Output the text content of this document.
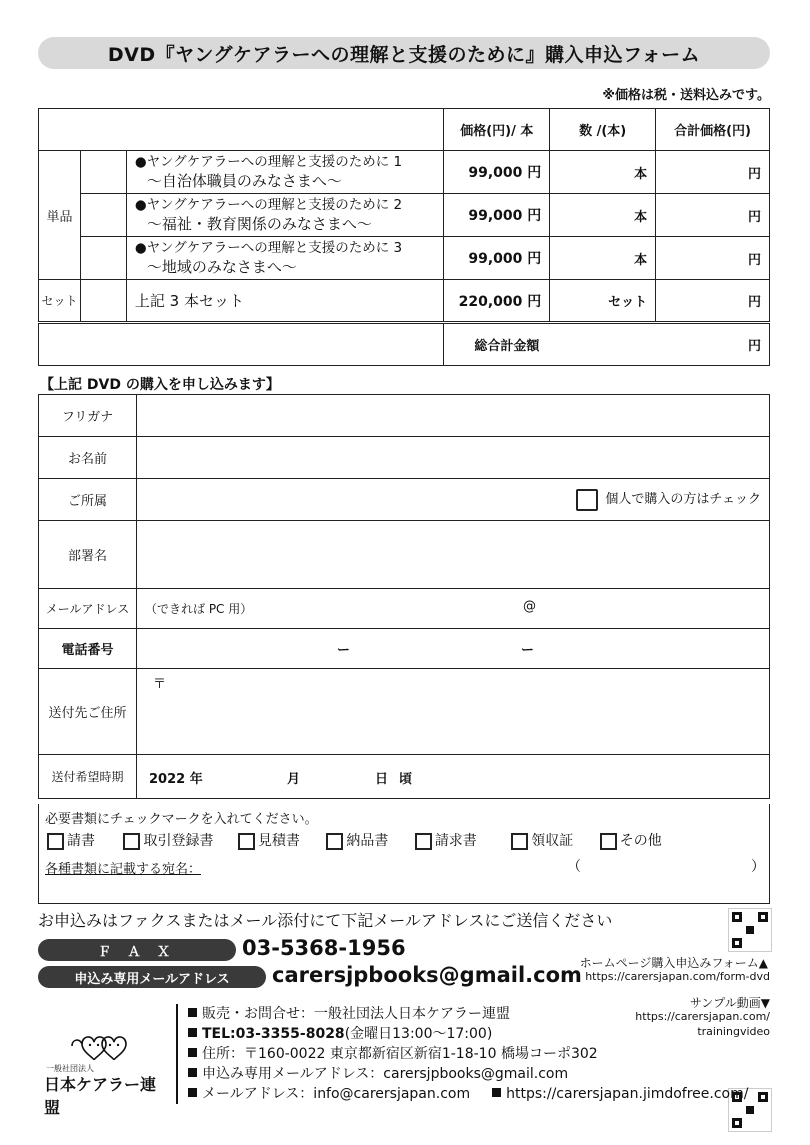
DVD『ヤングケアラーへの理解と支援のために』購入申込フォーム
※価格は税・送料込みです。
			価格(円)/ 本	数 /(本)	合計価格(円)
単品		●ヤングケアラーへの理解と支援のために 1
～自治体職員のみなさまへ～	99,000 円	本	円

		●ヤングケアラーへの理解と支援のために 2
～福祉・教育関係のみなさまへ～	99,000 円	本	円

		●ヤングケアラーへの理解と支援のために 3
～地域のみなさまへ～	99,000 円	本	円
セット		上記 3 本セット	220,000 円	セット	円
			総合計金額 円		
【上記 DVD の購入を申し込みます】
フリガナ	
お名前	
ご所属	個人で購入の方はチェック
部署名	
メールアドレス	（できれば PC 用） @

電話番号	ー ー

送付先ご住所	〒
送付希望時期	2022 年 月 日 頃
必要書類にチェックマークを入れてください。
請書	取引登録書	見積書	納品書	請求書	領収証	その他
各種書類に記載する宛名：	（	）
お申込みはファクスまたはメール添付にて下記メールアドレスにご送信ください
Ｆ Ａ Ｘ	03-5368-1956
申込み専用メールアドレス	carersjpbooks@gmail.com
ホームページ購入申込みフォーム▲
https://carersjapan.com/form-dvd
サンプル動画▼
https://carersjapan.com/
trainingvideo
一般社団法人
日本ケアラー連盟
販売・お問合せ：一般社団法人日本ケアラー連盟
TEL:03-3355-8028(金曜日13:00～17:00)
住所：〒160-0022 東京都新宿区新宿1-18-10 橋場コーポ302
申込み専用メールアドレス：carersjpbooks@gmail.com
メールアドレス：info@carersjapan.com	https://carersjapan.jimdofree.com/
